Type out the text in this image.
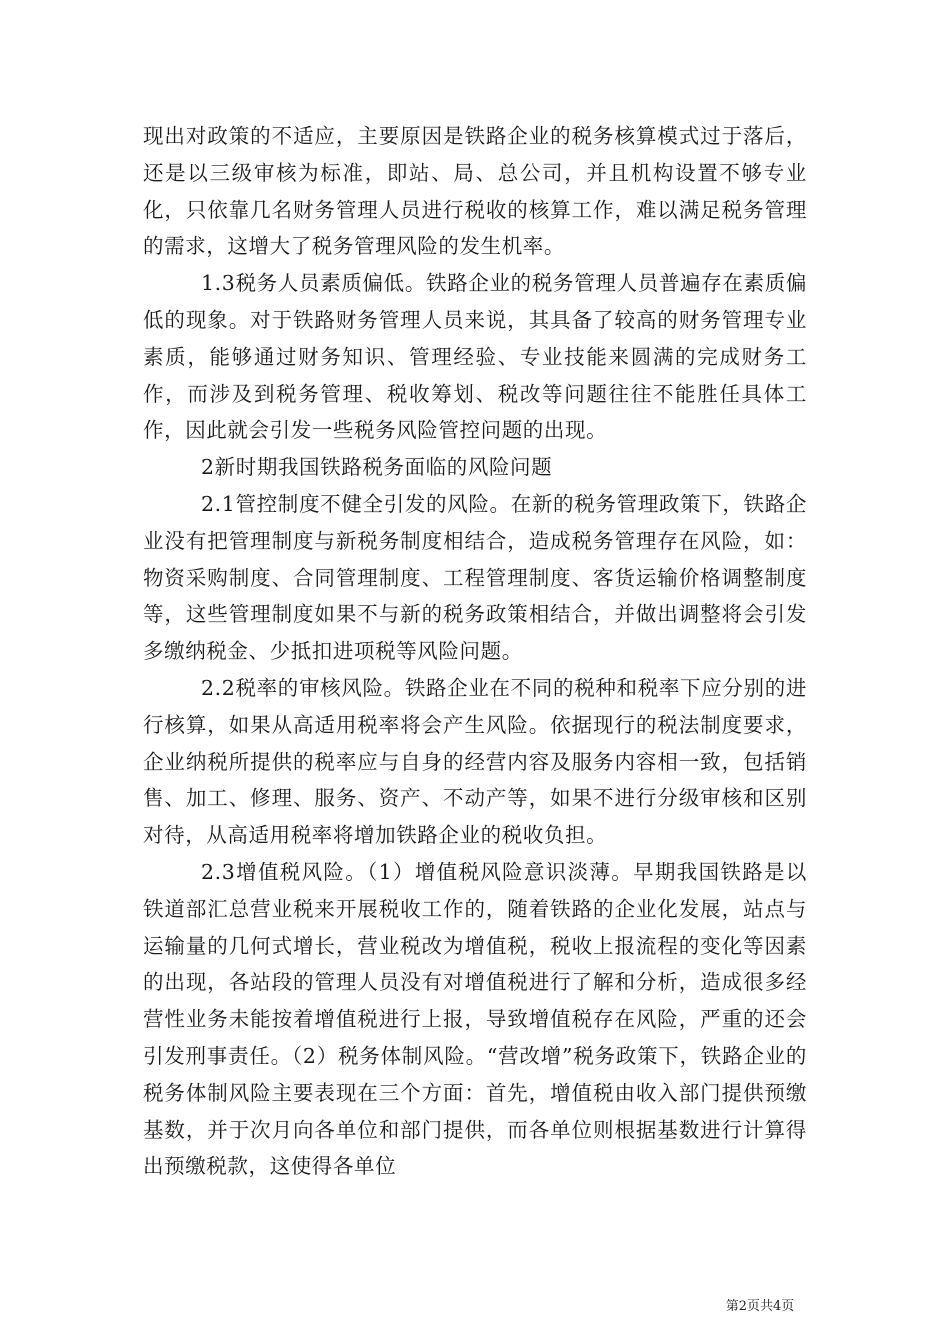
现出对政策的不适应，主要原因是铁路企业的税务核算模式过于落后，还是以三级审核为标准，即站、局、总公司，并且机构设置不够专业化，只依靠几名财务管理人员进行税收的核算工作，难以满足税务管理的需求，这增大了税务管理风险的发生机率。

1.3税务人员素质偏低。铁路企业的税务管理人员普遍存在素质偏低的现象。对于铁路财务管理人员来说，其具备了较高的财务管理专业素质，能够通过财务知识、管理经验、专业技能来圆满的完成财务工作，而涉及到税务管理、税收筹划、税改等问题往往不能胜任具体工作，因此就会引发一些税务风险管控问题的出现。

2新时期我国铁路税务面临的风险问题

2.1管控制度不健全引发的风险。在新的税务管理政策下，铁路企业没有把管理制度与新税务制度相结合，造成税务管理存在风险，如：物资采购制度、合同管理制度、工程管理制度、客货运输价格调整制度等，这些管理制度如果不与新的税务政策相结合，并做出调整将会引发多缴纳税金、少抵扣进项税等风险问题。

2.2税率的审核风险。铁路企业在不同的税种和税率下应分别的进行核算，如果从高适用税率将会产生风险。依据现行的税法制度要求，企业纳税所提供的税率应与自身的经营内容及服务内容相一致，包括销售、加工、修理、服务、资产、不动产等，如果不进行分级审核和区别对待，从高适用税率将增加铁路企业的税收负担。

2.3增值税风险。（1）增值税风险意识淡薄。早期我国铁路是以铁道部汇总营业税来开展税收工作的，随着铁路的企业化发展，站点与运输量的几何式增长，营业税改为增值税，税收上报流程的变化等因素的出现，各站段的管理人员没有对增值税进行了解和分析，造成很多经营性业务未能按着增值税进行上报，导致增值税存在风险，严重的还会引发刑事责任。（2）税务体制风险。“营改增”税务政策下，铁路企业的税务体制风险主要表现在三个方面：首先，增值税由收入部门提供预缴基数，并于次月向各单位和部门提供，而各单位则根据基数进行计算得出预缴税款，这使得各单位

第2页共4页
